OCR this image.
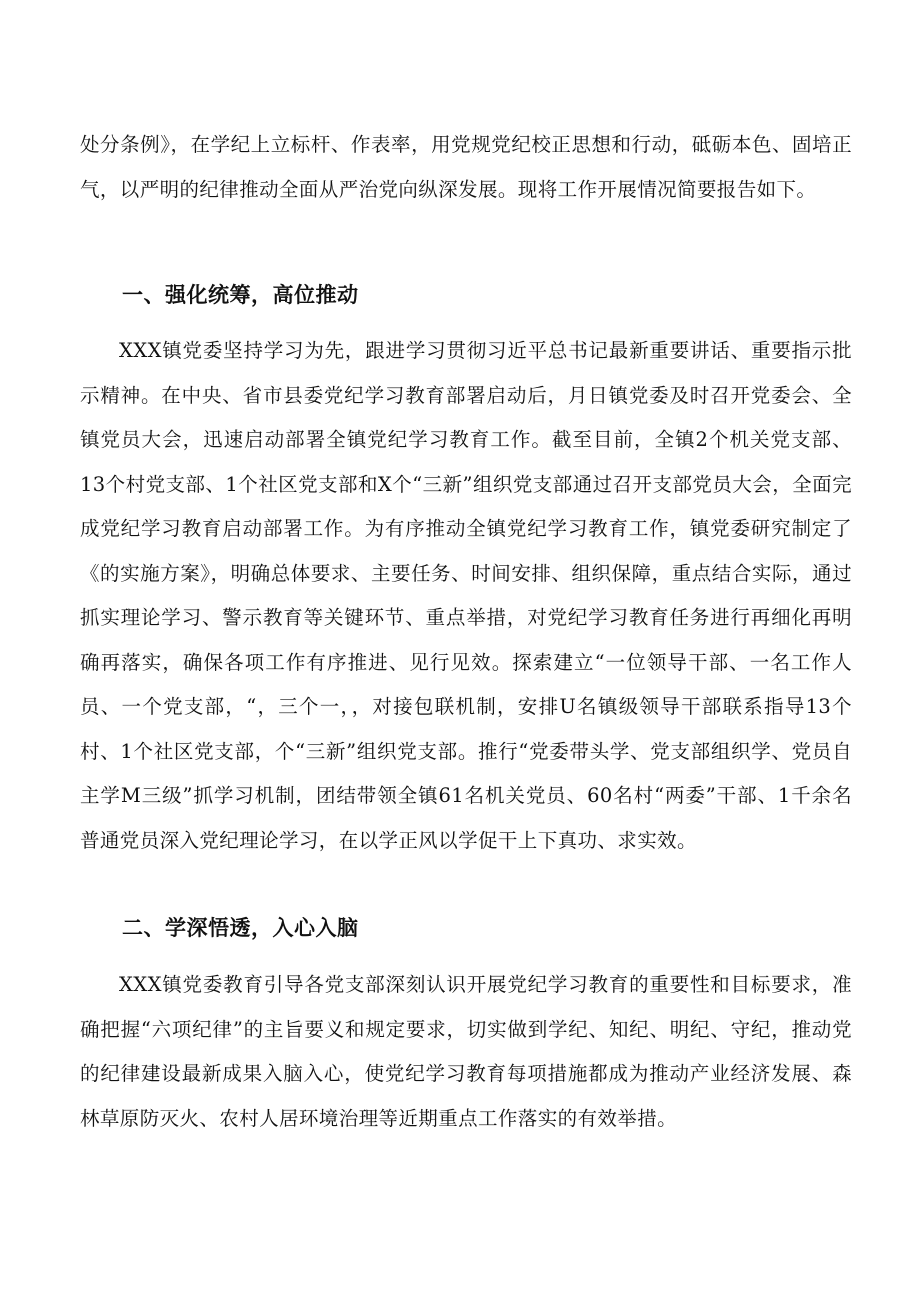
处分条例》，在学纪上立标杆、作表率，用党规党纪校正思想和行动，砥砺本色、固培正气，以严明的纪律推动全面从严治党向纵深发展。现将工作开展情况简要报告如下。

一、强化统筹，高位推动

XXX镇党委坚持学习为先，跟进学习贯彻习近平总书记最新重要讲话、重要指示批示精神。在中央、省市县委党纪学习教育部署启动后，月日镇党委及时召开党委会、全镇党员大会，迅速启动部署全镇党纪学习教育工作。截至目前，全镇2个机关党支部、13个村党支部、1个社区党支部和X个“三新”组织党支部通过召开支部党员大会，全面完成党纪学习教育启动部署工作。为有序推动全镇党纪学习教育工作，镇党委研究制定了《的实施方案》，明确总体要求、主要任务、时间安排、组织保障，重点结合实际，通过抓实理论学习、警示教育等关键环节、重点举措，对党纪学习教育任务进行再细化再明确再落实，确保各项工作有序推进、见行见效。探索建立“一位领导干部、一名工作人员、一个党支部，“，三个一，，对接包联机制，安排U名镇级领导干部联系指导13个村、1个社区党支部，个“三新”组织党支部。推行“党委带头学、党支部组织学、党员自主学M三级”抓学习机制，团结带领全镇61名机关党员、60名村“两委”干部、1千余名普通党员深入党纪理论学习，在以学正风以学促干上下真功、求实效。

二、学深悟透，入心入脑

XXX镇党委教育引导各党支部深刻认识开展党纪学习教育的重要性和目标要求，准确把握“六项纪律”的主旨要义和规定要求，切实做到学纪、知纪、明纪、守纪，推动党的纪律建设最新成果入脑入心，使党纪学习教育每项措施都成为推动产业经济发展、森林草原防灭火、农村人居环境治理等近期重点工作落实的有效举措。
